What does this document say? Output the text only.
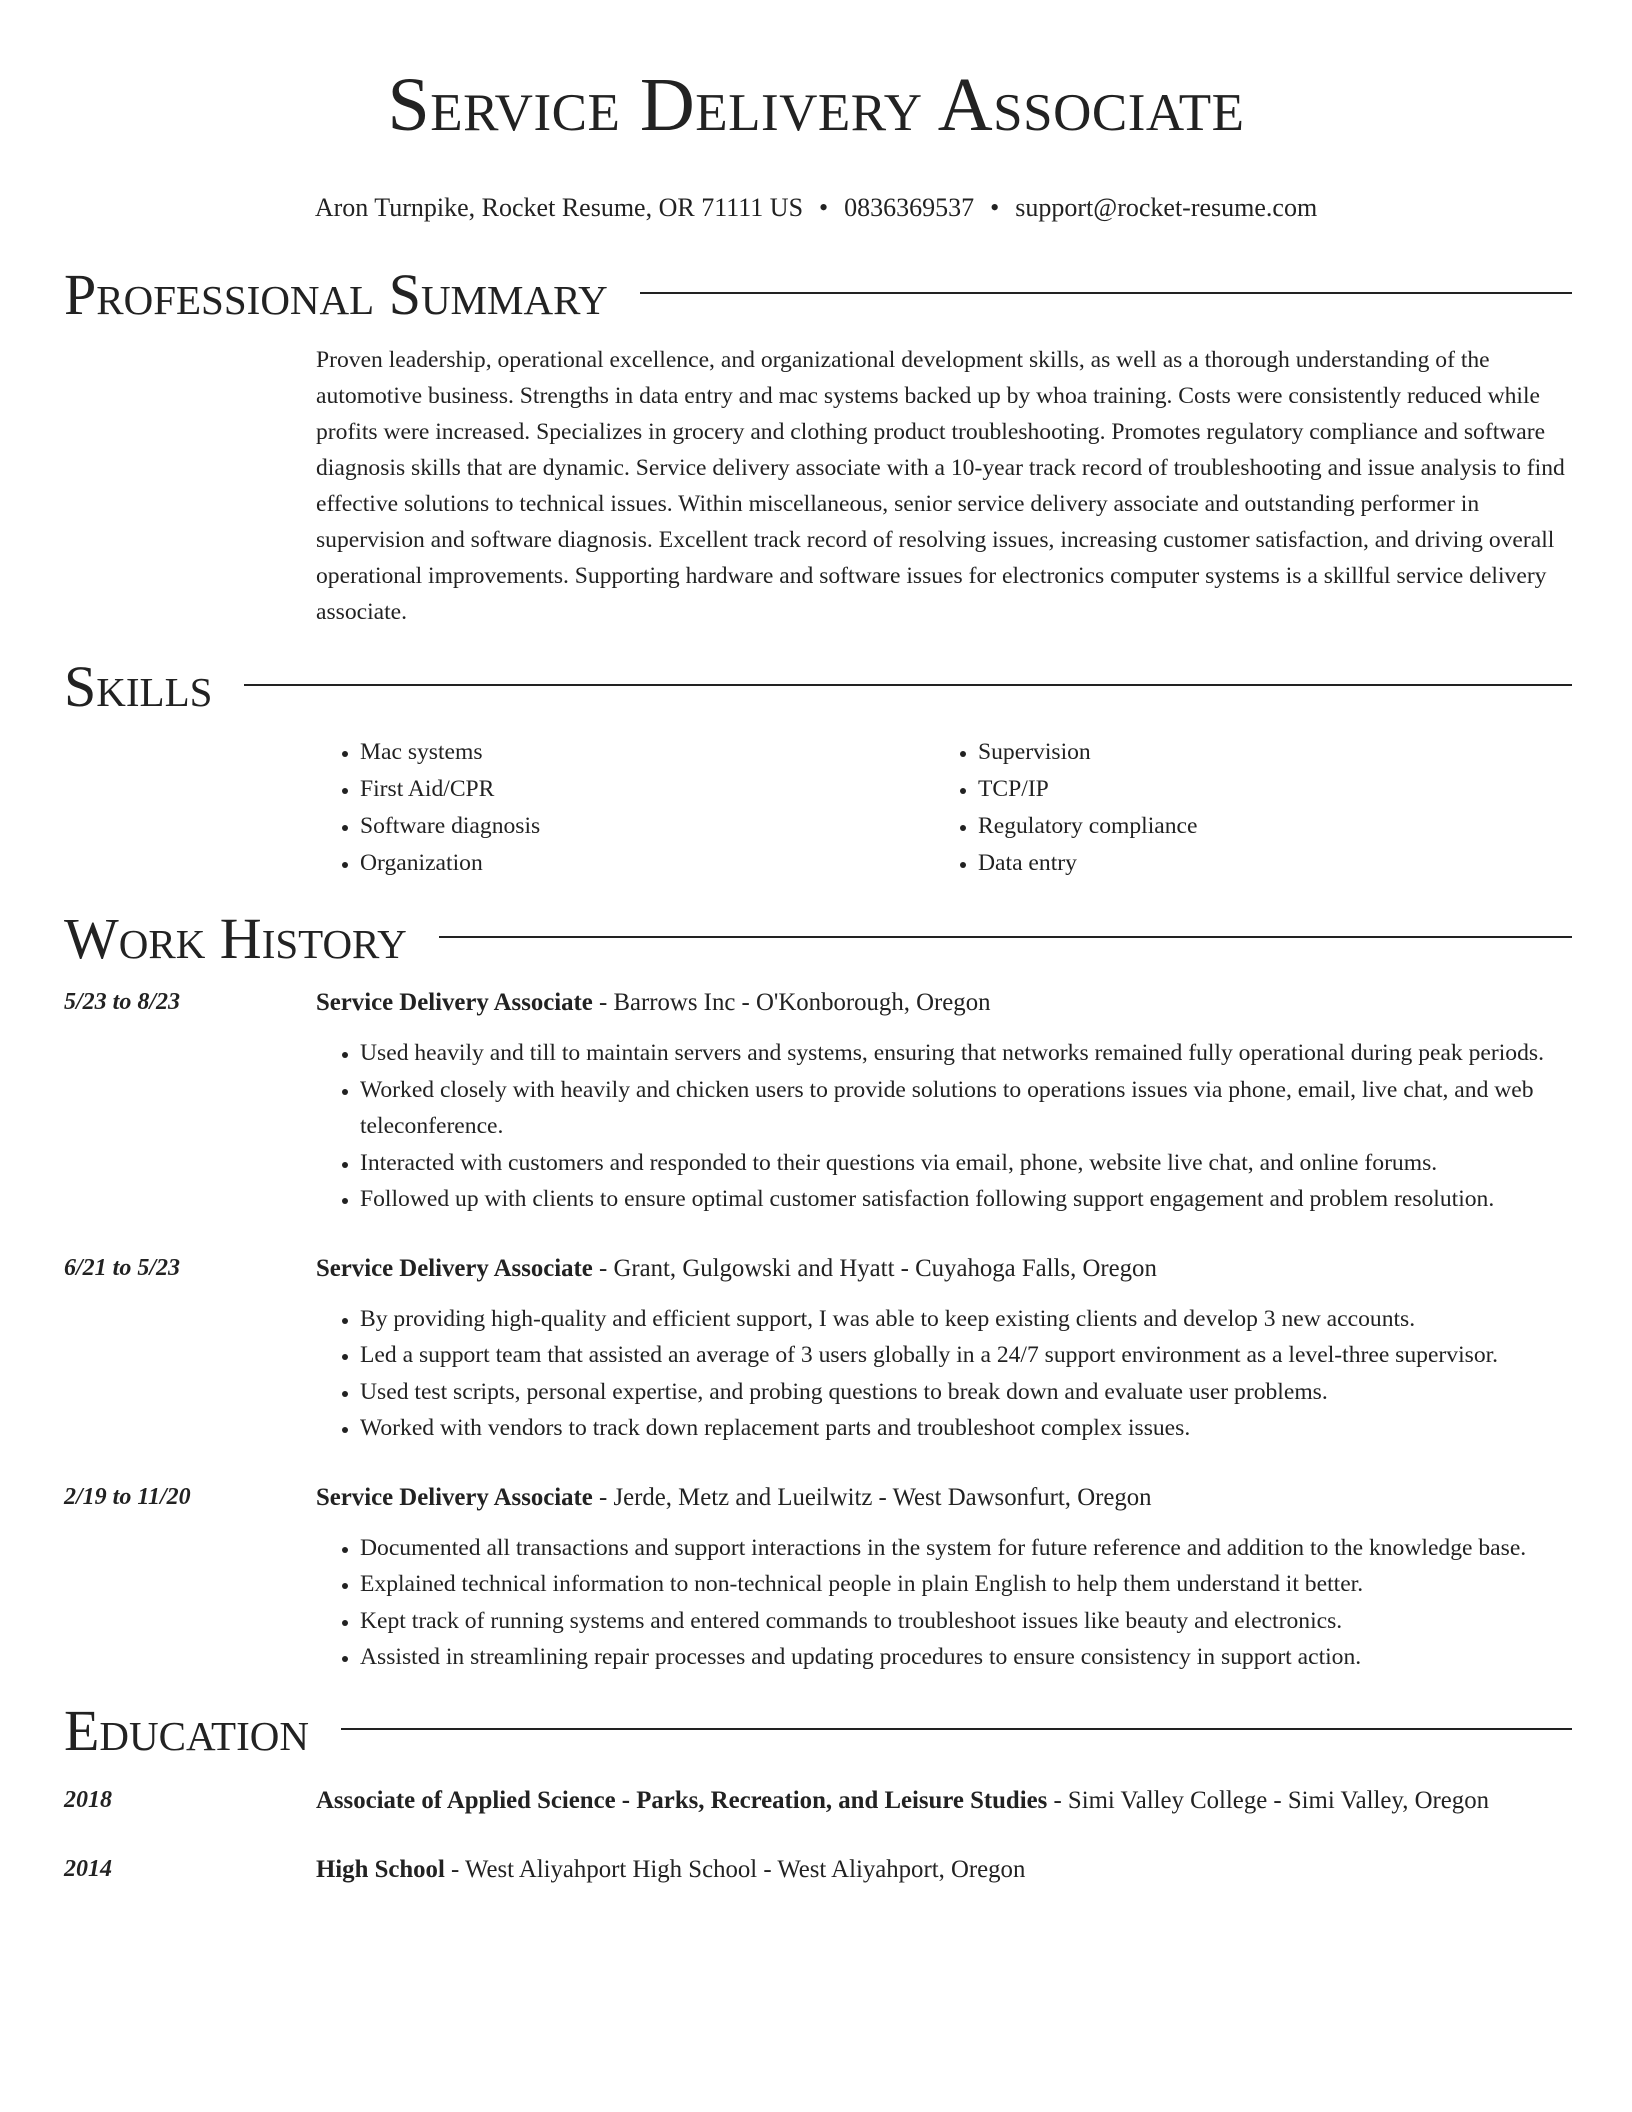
Service Delivery Associate
Aron Turnpike, Rocket Resume, OR 71111 US • 0836369537 • support@rocket-resume.com
Professional Summary
Proven leadership, operational excellence, and organizational development skills, as well as a thorough understanding of the automotive business. Strengths in data entry and mac systems backed up by whoa training. Costs were consistently reduced while profits were increased. Specializes in grocery and clothing product troubleshooting. Promotes regulatory compliance and software diagnosis skills that are dynamic. Service delivery associate with a 10-year track record of troubleshooting and issue analysis to find effective solutions to technical issues. Within miscellaneous, senior service delivery associate and outstanding performer in supervision and software diagnosis. Excellent track record of resolving issues, increasing customer satisfaction, and driving overall operational improvements. Supporting hardware and software issues for electronics computer systems is a skillful service delivery associate.
Skills
• Mac systems
• First Aid/CPR
• Software diagnosis
• Organization
• Supervision
• TCP/IP
• Regulatory compliance
• Data entry
Work History
5/23 to 8/23	Service Delivery Associate - Barrows Inc - O'Konborough, Oregon
• Used heavily and till to maintain servers and systems, ensuring that networks remained fully operational during peak periods.
• Worked closely with heavily and chicken users to provide solutions to operations issues via phone, email, live chat, and web teleconference.
• Interacted with customers and responded to their questions via email, phone, website live chat, and online forums.
• Followed up with clients to ensure optimal customer satisfaction following support engagement and problem resolution.
6/21 to 5/23	Service Delivery Associate - Grant, Gulgowski and Hyatt - Cuyahoga Falls, Oregon
• By providing high-quality and efficient support, I was able to keep existing clients and develop 3 new accounts.
• Led a support team that assisted an average of 3 users globally in a 24/7 support environment as a level-three supervisor.
• Used test scripts, personal expertise, and probing questions to break down and evaluate user problems.
• Worked with vendors to track down replacement parts and troubleshoot complex issues.
2/19 to 11/20	Service Delivery Associate - Jerde, Metz and Lueilwitz - West Dawsonfurt, Oregon
• Documented all transactions and support interactions in the system for future reference and addition to the knowledge base.
• Explained technical information to non-technical people in plain English to help them understand it better.
• Kept track of running systems and entered commands to troubleshoot issues like beauty and electronics.
• Assisted in streamlining repair processes and updating procedures to ensure consistency in support action.
Education
2018	Associate of Applied Science - Parks, Recreation, and Leisure Studies - Simi Valley College - Simi Valley, Oregon
2014	High School - West Aliyahport High School - West Aliyahport, Oregon
